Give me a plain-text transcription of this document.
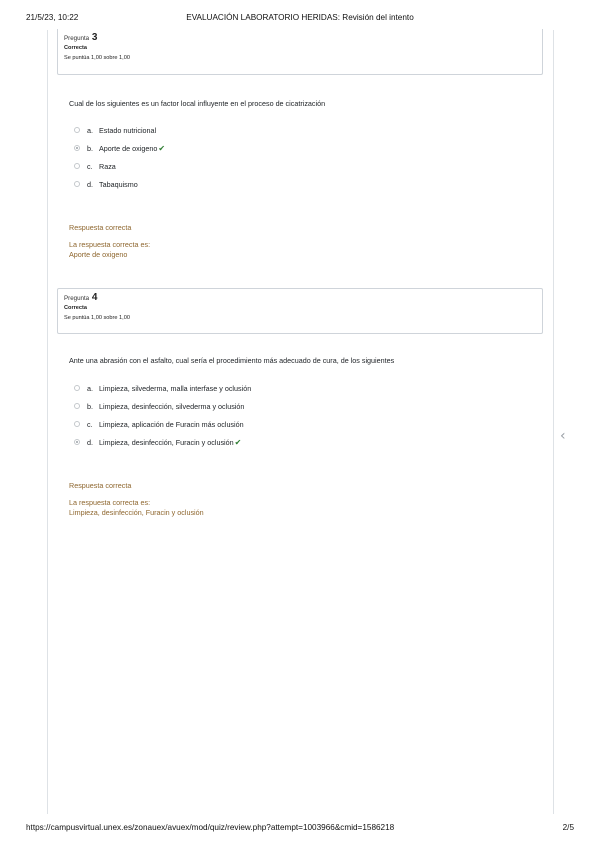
21/5/23, 10:22	EVALUACIÓN LABORATORIO HERIDAS: Revisión del intento
‹
Pregunta 3
Correcta
Se puntúa 1,00 sobre 1,00
Cual de los siguientes es un factor local influyente en el proceso de cicatrización
a. Estado nutricional
b. Aporte de oxigeno ✔
c. Raza
d. Tabaquismo
Respuesta correcta
La respuesta correcta es:
Aporte de oxigeno
Pregunta 4
Correcta
Se puntúa 1,00 sobre 1,00
Ante una abrasión con el asfalto, cual sería el procedimiento más adecuado de cura, de los siguientes
a. Limpieza, silvederma, malla interfase y oclusión
b. Limpieza, desinfección, silvederma y oclusión
c. Limpieza, aplicación de Furacin más oclusión
d. Limpieza, desinfección, Furacin y oclusión ✔
Respuesta correcta
La respuesta correcta es:
Limpieza, desinfección, Furacin y oclusión
https://campusvirtual.unex.es/zonauex/avuex/mod/quiz/review.php?attempt=1003966&cmid=1586218	2/5
